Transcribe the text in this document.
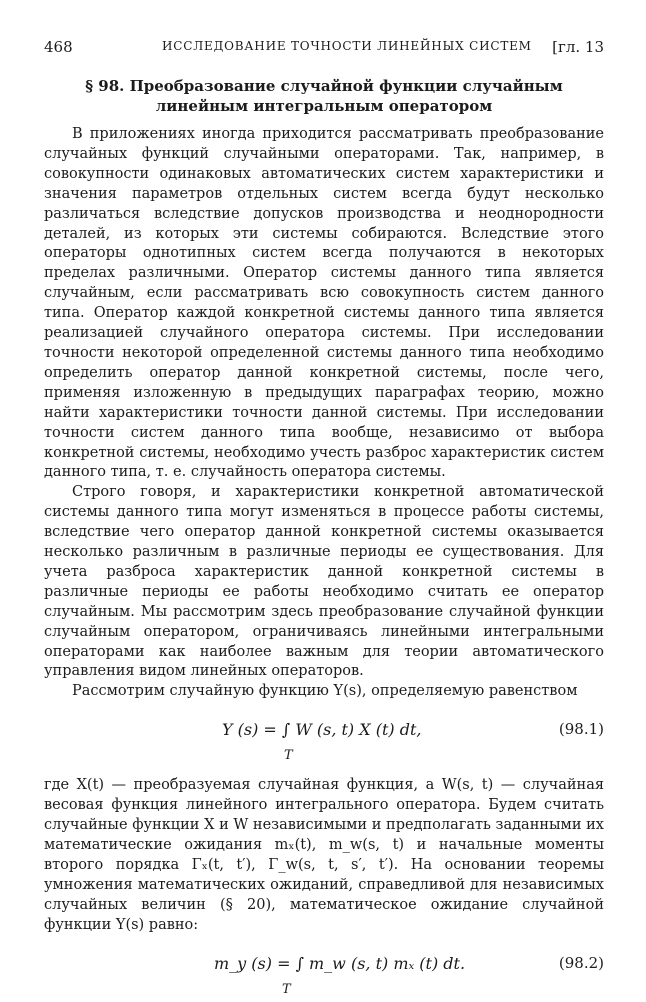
468	ИССЛЕДОВАНИЕ ТОЧНОСТИ ЛИНЕЙНЫХ СИСТЕМ [гл. 13
§ 98. Преобразование случайной функции случайным линейным интегральным оператором

В приложениях иногда приходится рассматривать преобразование случайных функций случайными операторами. Так, например, в совокупности одинаковых автоматических систем характеристики и значения параметров отдельных систем всегда будут несколько различаться вследствие допусков производства и неоднородности деталей, из которых эти системы собираются. Вследствие этого операторы однотипных систем всегда получаются в некоторых пределах различными. Оператор системы данного типа является случайным, если рассматривать всю совокупность систем данного типа. Оператор каждой конкретной системы данного типа является реализацией случайного оператора системы. При исследовании точности некоторой определенной системы данного типа необходимо определить оператор данной конкретной системы, после чего, применяя изложенную в предыдущих параграфах теорию, можно найти характеристики точности данной системы. При исследовании точности систем данного типа вообще, независимо от выбора конкретной системы, необходимо учесть разброс характеристик систем данного типа, т. е. случайность оператора системы.

Строго говоря, и характеристики конкретной автоматической системы данного типа могут изменяться в процессе работы системы, вследствие чего оператор данной конкретной системы оказывается несколько различным в различные периоды ее существования. Для учета разброса характеристик данной конкретной системы в различные периоды ее работы необходимо считать ее оператор случайным. Мы рассмотрим здесь преобразование случайной функции случайным оператором, ограничиваясь линейными интегральными операторами как наиболее важным для теории автоматического управления видом линейных операторов.

Рассмотрим случайную функцию Y(s), определяемую равенством

Y (s) = ∫ W (s, t) X (t) dt,
T
(98.1)

где X(t) — преобразуемая случайная функция, а W(s, t) — случайная весовая функция линейного интегрального оператора. Будем считать случайные функции X и W независимыми и предполагать заданными их математические ожидания mₓ(t), m_w(s, t) и начальные моменты второго порядка Γₓ(t, t′), Γ_w(s, t, s′, t′). На основании теоремы умножения математических ожиданий, справедливой для независимых случайных величин (§ 20), математическое ожидание случайной функции Y(s) равно:

m_y (s) = ∫ m_w (s, t) mₓ (t) dt.
T
(98.2)
